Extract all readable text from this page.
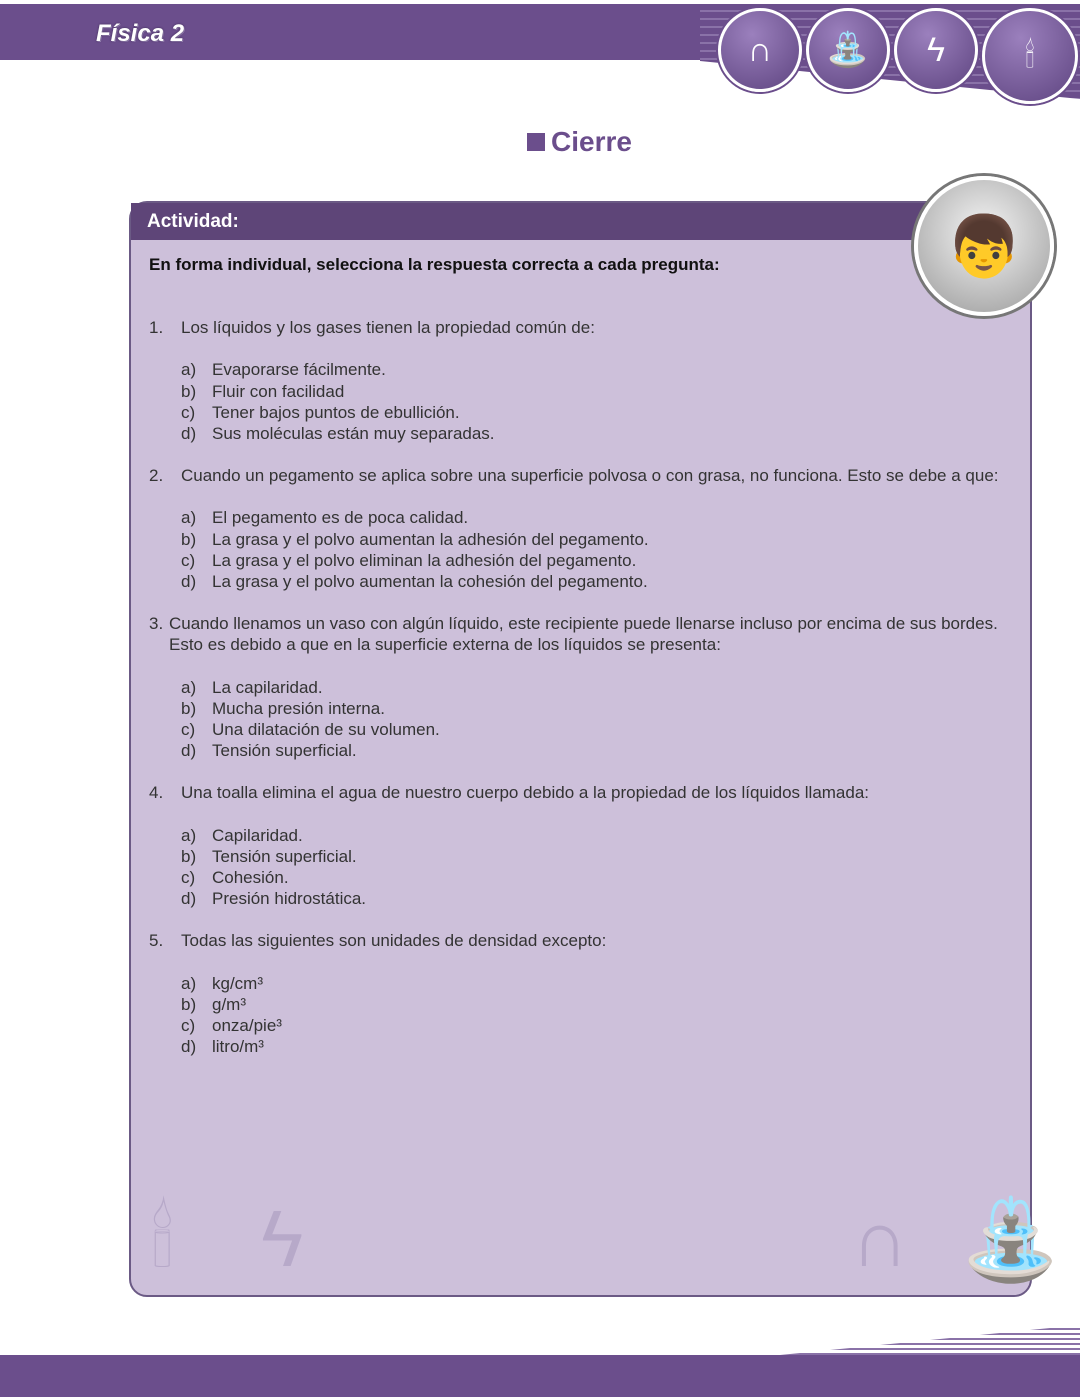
Física 2	∩	⛲	ϟ	🕯
Cierre
Actividad:
🕯 ϟ	∩ ⛲
En forma individual, selecciona la respuesta correcta a cada pregunta:
1.	Los líquidos y los gases tienen la propiedad común de:
a) Evaporarse fácilmente.
b) Fluir con facilidad
c) Tener bajos puntos de ebullición.
d) Sus moléculas están muy separadas.
2.	Cuando un pegamento se aplica sobre una superficie polvosa o con grasa, no funciona. Esto se debe a que:
a) El pegamento es de poca calidad.
b) La grasa y el polvo aumentan la adhesión del pegamento.
c) La grasa y el polvo eliminan la adhesión del pegamento.
d) La grasa y el polvo aumentan la cohesión del pegamento.
3. Cuando llenamos un vaso con algún líquido, este recipiente puede llenarse incluso por encima de sus bordes.
Esto es debido a que en la superficie externa de los líquidos se presenta:
a) La capilaridad.
b) Mucha presión interna.
c) Una dilatación de su volumen.
d) Tensión superficial.
4.	Una toalla elimina el agua de nuestro cuerpo debido a la propiedad de los líquidos llamada:
a) Capilaridad.
b) Tensión superficial.
c) Cohesión.
d) Presión hidrostática.
5.	Todas las siguientes son unidades de densidad excepto:
a) kg/cm³
b) g/m³
c) onza/pie³
d) litro/m³
👦
